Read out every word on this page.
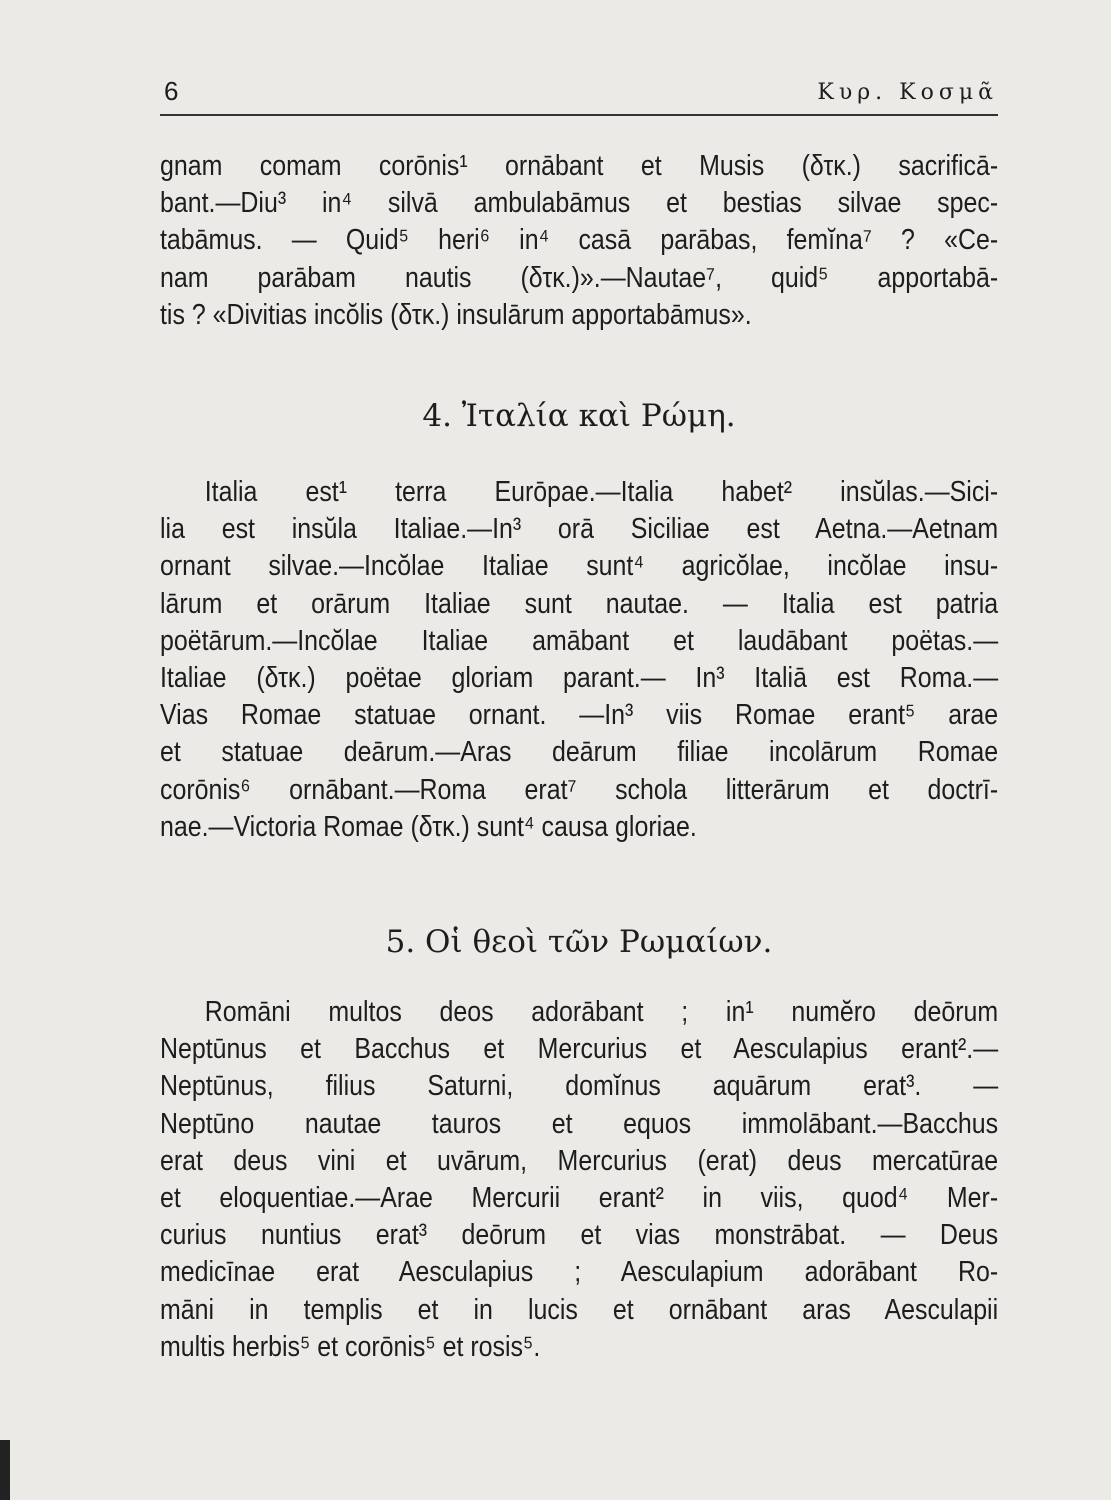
6	Κυρ. Κοσμᾶ
gnam comam corōnis¹ ornābant et Musis (δτκ.) sacrificā-
bant.—Diu³ in⁴ silvā ambulabāmus et bestias silvae spec-
tabāmus. — Quid⁵ heri⁶ in⁴ casā parābas, femĭna⁷ ? «Ce-
nam parābam nautis (δτκ.)».—Nautae⁷, quid⁵ apportabā-
tis ? «Divitias incŏlis (δτκ.) insulārum apportabāmus».
4. Ἰταλία καὶ Ρώμη.
Italia est¹ terra Eurōpae.—Italia habet² insŭlas.—Sici-
lia est insŭla Italiae.—In³ orā Siciliae est Aetna.—Aetnam
ornant silvae.—Incŏlae Italiae sunt⁴ agricŏlae, incŏlae insu-
lārum et orārum Italiae sunt nautae. — Italia est patria
poëtārum.—Incŏlae Italiae amābant et laudābant poëtas.—
Italiae (δτκ.) poëtae gloriam parant.— In³ Italiā est Roma.—
Vias Romae statuae ornant. —In³ viis Romae erant⁵ arae
et statuae deārum.—Aras deārum filiae incolārum Romae
corōnis⁶ ornābant.—Roma erat⁷ schola litterārum et doctrī-
nae.—Victoria Romae (δτκ.) sunt⁴ causa gloriae.
5. Οἱ θεοὶ τῶν Ρωμαίων.
Romāni multos deos adorābant ; in¹ numĕro deōrum
Neptūnus et Bacchus et Mercurius et Aesculapius erant².—
Neptūnus, filius Saturni, domĭnus aquārum erat³. —
Neptūno nautae tauros et equos immolābant.—Bacchus
erat deus vini et uvārum, Mercurius (erat) deus mercatūrae
et eloquentiae.—Arae Mercurii erant² in viis, quod⁴ Mer-
curius nuntius erat³ deōrum et vias monstrābat. — Deus
medicīnae erat Aesculapius ; Aesculapium adorābant Ro-
māni in templis et in lucis et ornābant aras Aesculapii
multis herbis⁵ et corōnis⁵ et rosis⁵.
